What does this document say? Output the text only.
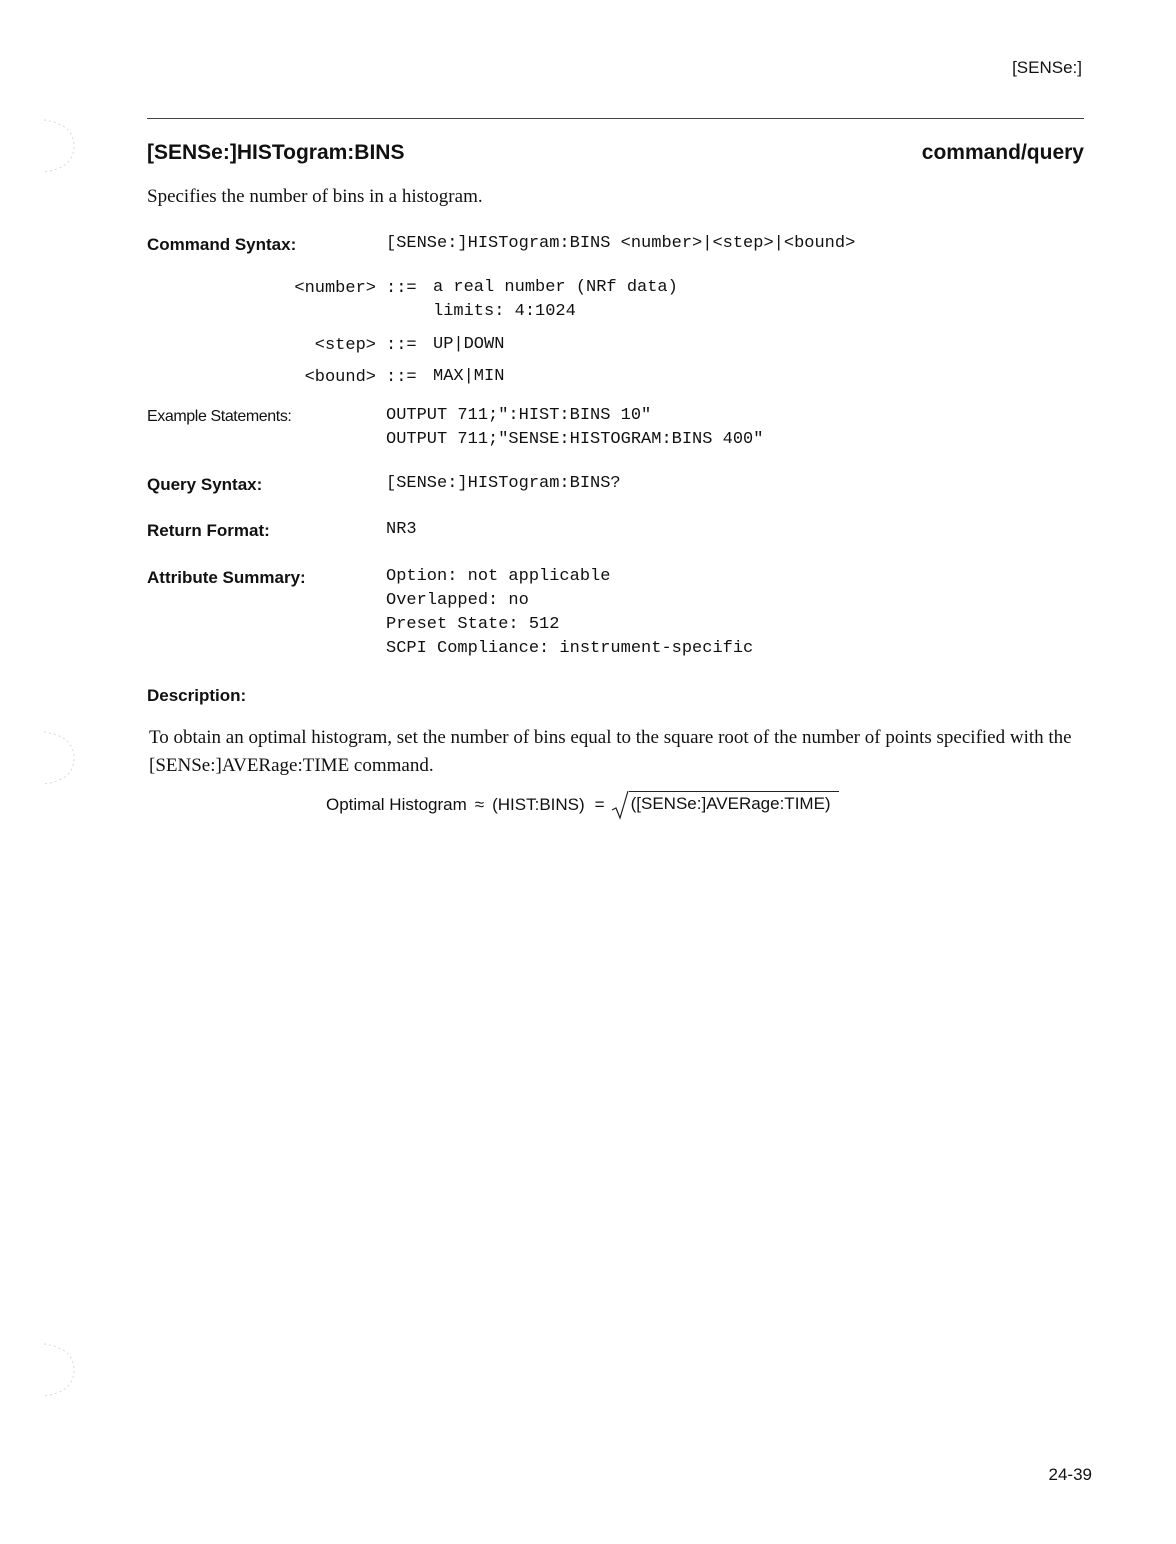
[SENSe:]
[SENSe:]HISTogram:BINS	command/query
Specifies the number of bins in a histogram.
Command Syntax:	[SENSe:]HISTogram:BINS <number>|<step>|<bound>
<number> ::= a real number (NRf data)
limits: 4:1024
<step> ::= UP|DOWN
<bound> ::= MAX|MIN
Example Statements:	OUTPUT 711;":HIST:BINS 10"
OUTPUT 711;"SENSE:HISTOGRAM:BINS 400"
Query Syntax:	[SENSe:]HISTogram:BINS?
Return Format:	NR3
Attribute Summary:	Option: not applicable
Overlapped: no
Preset State: 512
SCPI Compliance: instrument-specific
Description:
To obtain an optimal histogram, set the number of bins equal to the square root of the number of points specified with the [SENSe:]AVERage:TIME command.
Optimal Histogram ≈ (HIST:BINS) =	([SENSe:]AVERage:TIME)
24-39
